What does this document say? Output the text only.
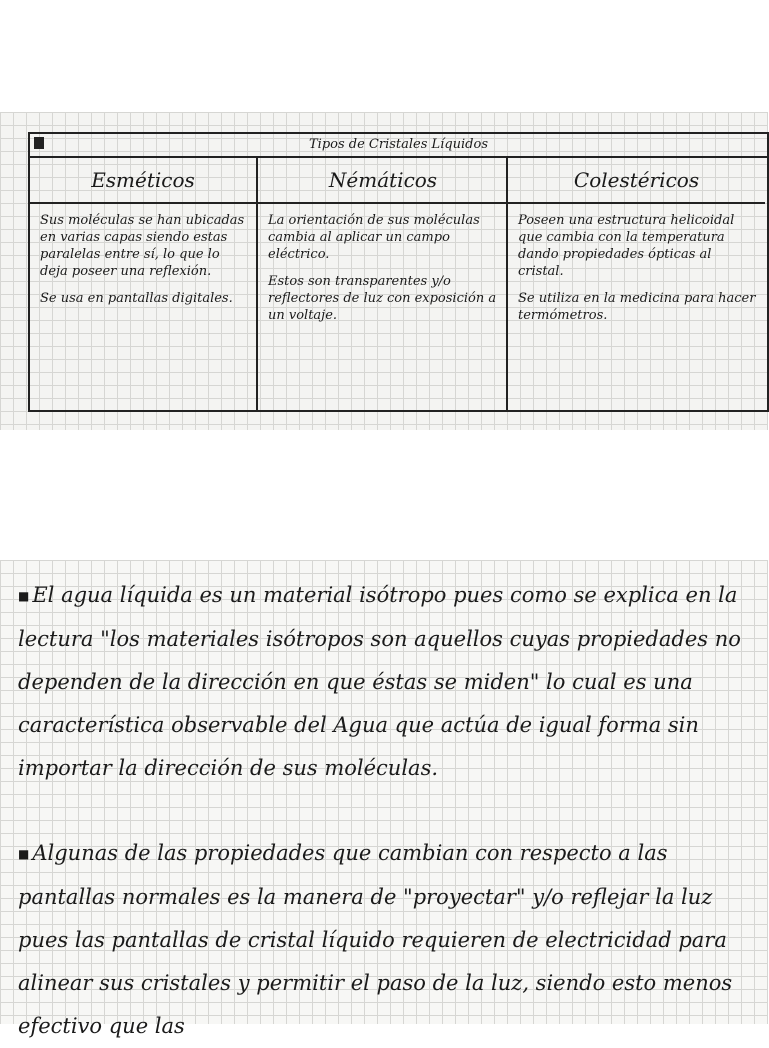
Tipos de Cristales Líquidos
Esméticos

Sus moléculas se han ubicadas en varias capas siendo estas paralelas entre sí, lo que lo deja poseer una reflexión.

Se usa en pantallas digitales.

Némáticos

La orientación de sus moléculas cambia al aplicar un campo eléctrico.

Estos son transparentes y/o reflectores de luz con exposición a un voltaje.

Colestéricos

Poseen una estructura helicoidal que cambia con la temperatura dando propiedades ópticas al cristal.

Se utiliza en la medicina para hacer termómetros.

■ El agua líquida es un material isótropo pues como se explica en la lectura "los materiales isótropos son aquellos cuyas propiedades no dependen de la dirección en que éstas se miden" lo cual es una característica observable del Agua que actúa de igual forma sin importar la dirección de sus moléculas.

■ Algunas de las propiedades que cambian con respecto a las pantallas normales es la manera de "proyectar" y/o reflejar la luz pues las pantallas de cristal líquido requieren de electricidad para alinear sus cristales y permitir el paso de la luz, siendo esto menos efectivo que las
